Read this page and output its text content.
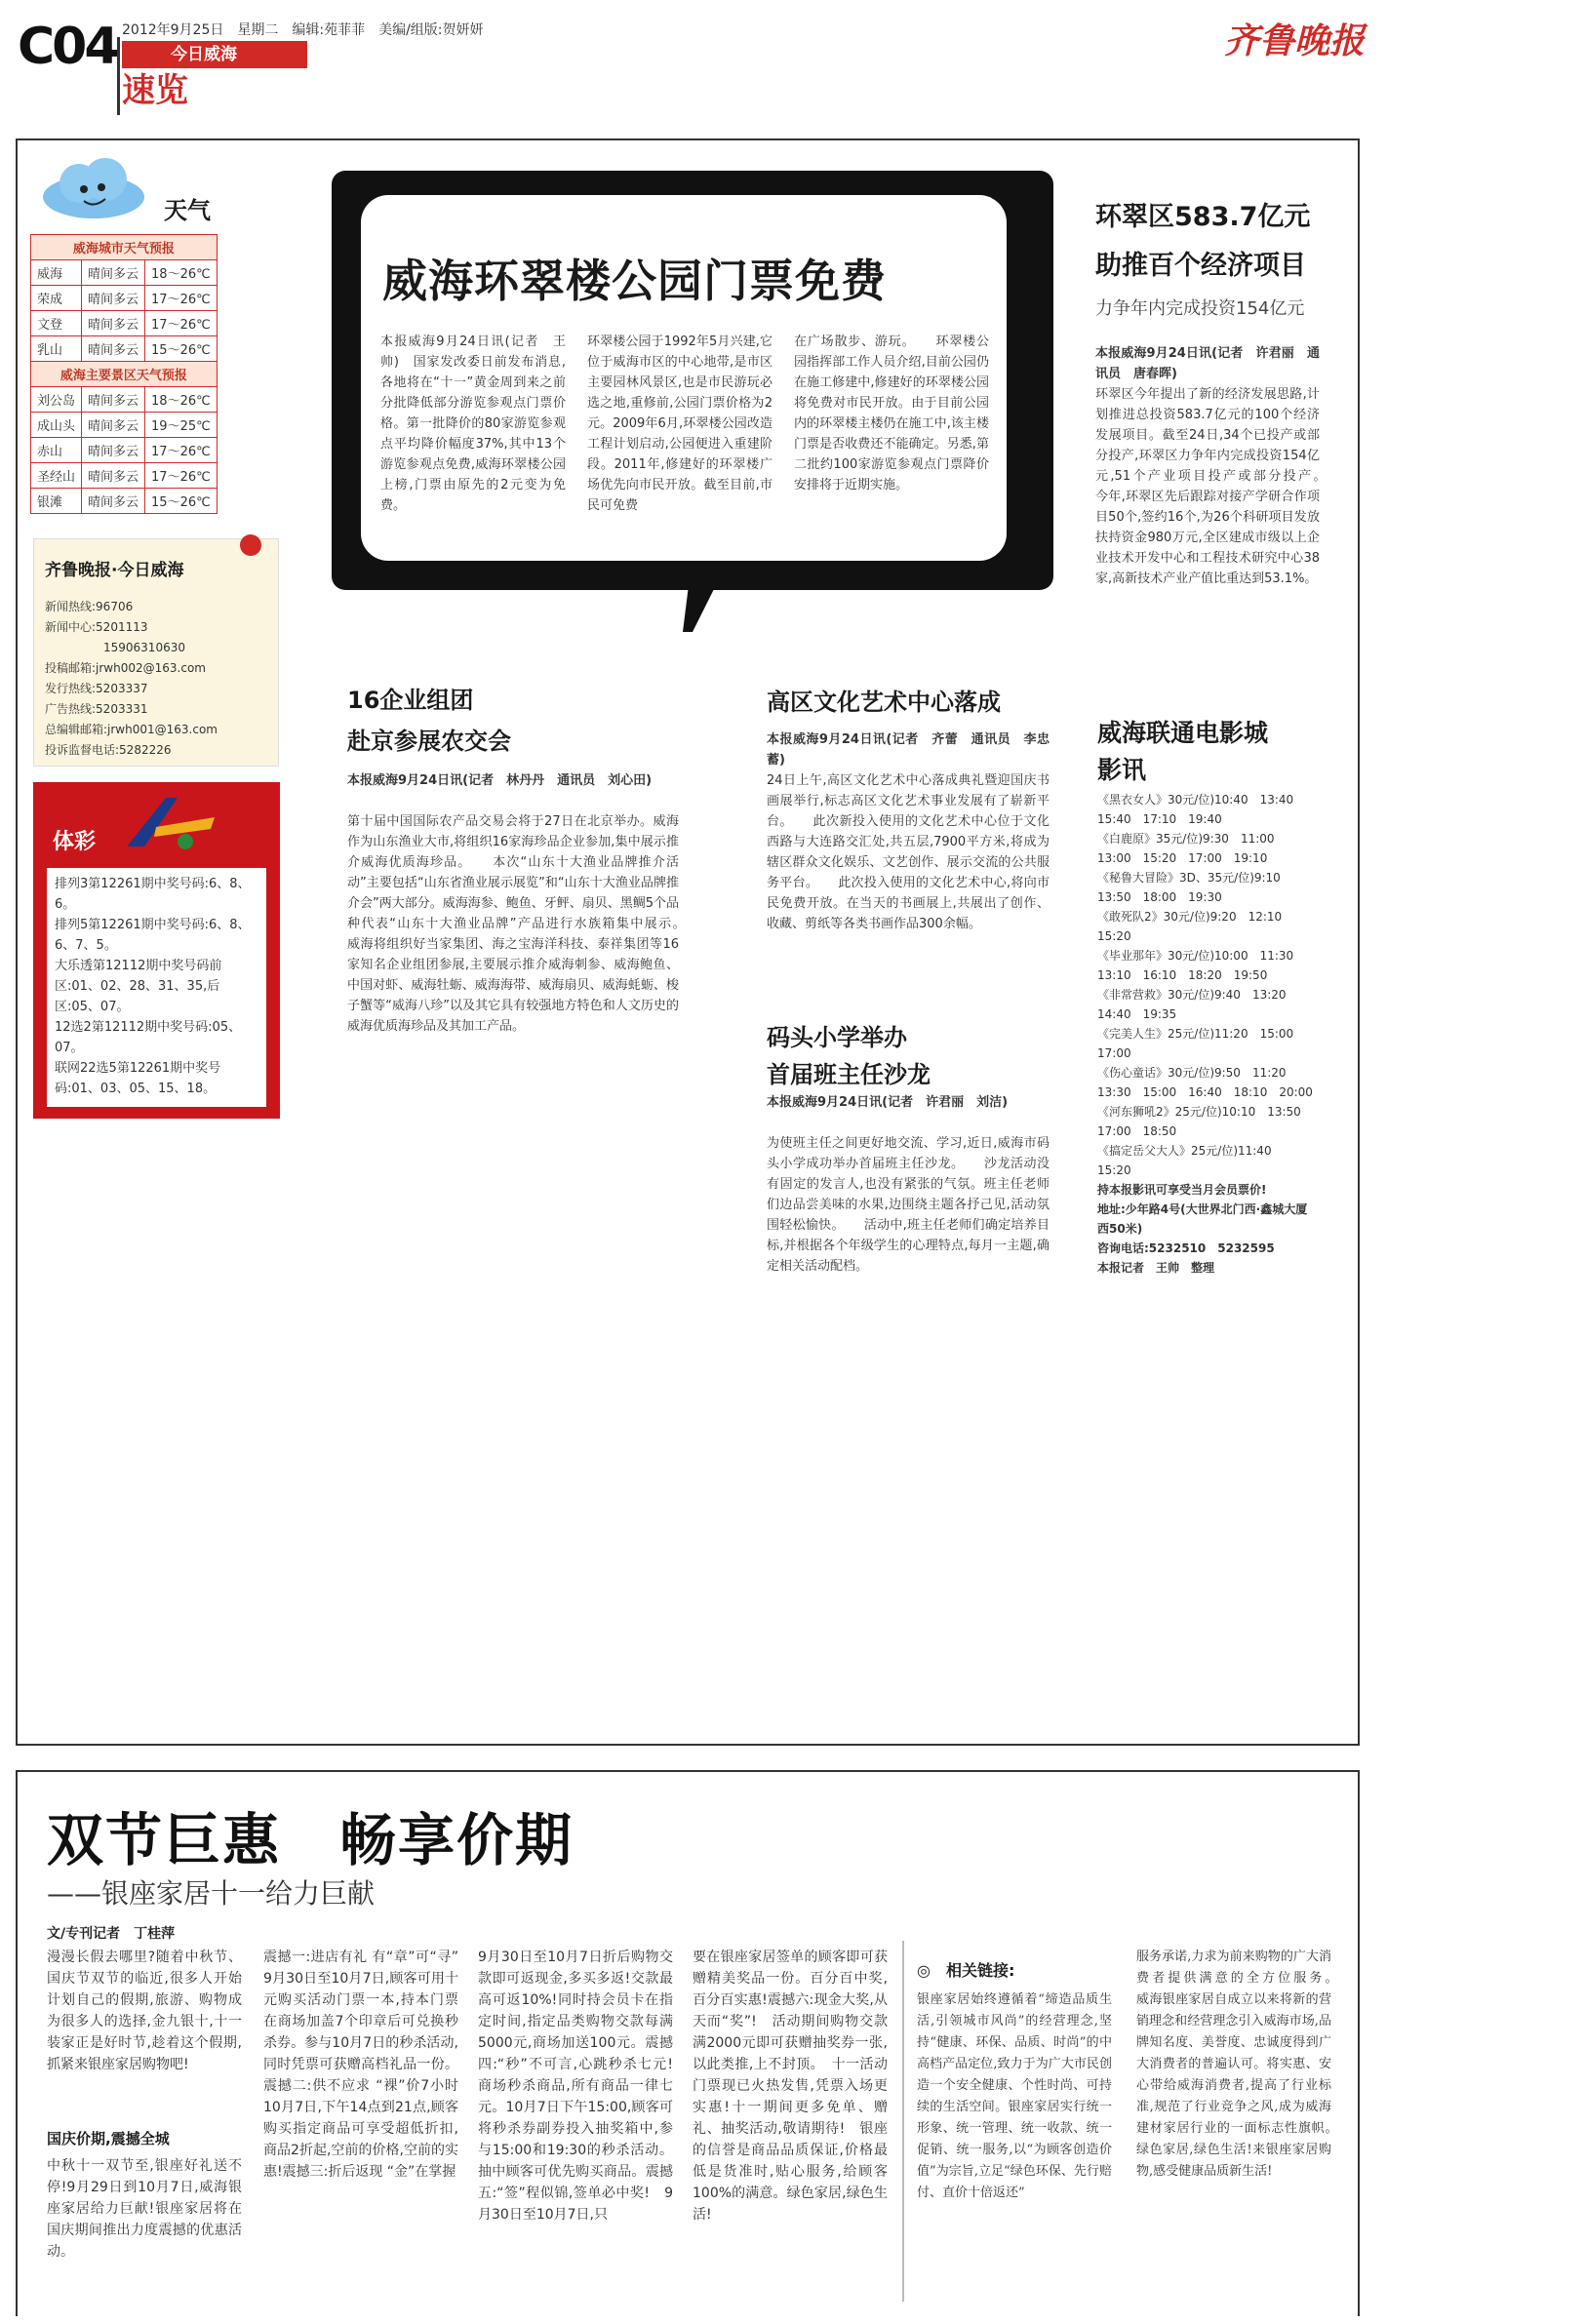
C04 2012年9月25日　星期二　编辑:苑菲菲　美编/组版:贺妍妍
今日威海
速览
齐鲁晚报
天气
威海城市天气预报		
威海	晴间多云	18～26℃
荣成	晴间多云	17～26℃
文登	晴间多云	17～26℃
乳山	晴间多云	15～26℃
威海主要景区天气预报		
刘公岛	晴间多云	18～26℃
成山头	晴间多云	19～25℃
赤山	晴间多云	17～26℃
圣经山	晴间多云	17～26℃
银滩	晴间多云	15～26℃
齐鲁晚报·今日威海
新闻热线:96706
新闻中心:5201113
　　　　　15906310630
投稿邮箱:jrwh002@163.com
发行热线:5203337
广告热线:5203331
总编辑邮箱:jrwh001@163.com
投诉监督电话:5282226
体彩
排列3第12261期中奖号码:6、8、6。
排列5第12261期中奖号码:6、8、6、7、5。
大乐透第12112期中奖号码前区:01、02、28、31、35,后区:05、07。
12选2第12112期中奖号码:05、07。
联网22选5第12261期中奖号码:01、03、05、15、18。
威海环翠楼公园门票免费
本报威海9月24日讯(记者　王帅)　国家发改委日前发布消息,各地将在“十一”黄金周到来之前分批降低部分游览参观点门票价格。第一批降价的80家游览参观点平均降价幅度37%,其中13个游览参观点免费,威海环翠楼公园上榜,门票由原先的2元变为免费。
环翠楼公园于1992年5月兴建,它位于威海市区的中心地带,是市区主要园林风景区,也是市民游玩必选之地,重修前,公园门票价格为2元。2009年6月,环翠楼公园改造工程计划启动,公园便进入重建阶段。2011年,修建好的环翠楼广场优先向市民开放。截至目前,市民可免费
在广场散步、游玩。　　环翠楼公园指挥部工作人员介绍,目前公园仍在施工修建中,修建好的环翠楼公园将免费对市民开放。由于目前公园内的环翠楼主楼仍在施工中,该主楼门票是否收费还不能确定。另悉,第二批约100家游览参观点门票降价安排将于近期实施。
环翠区583.7亿元
助推百个经济项目
力争年内完成投资154亿元
本报威海9月24日讯(记者　许君丽　通讯员　唐春晖)
环翠区今年提出了新的经济发展思路,计划推进总投资583.7亿元的100个经济发展项目。截至24日,34个已投产或部分投产,环翠区力争年内完成投资154亿元,51个产业项目投产或部分投产。　　今年,环翠区先后跟踪对接产学研合作项目50个,签约16个,为26个科研项目发放扶持资金980万元,全区建成市级以上企业技术开发中心和工程技术研究中心38家,高新技术产业产值比重达到53.1%。
16企业组团
赴京参展农交会
本报威海9月24日讯(记者　林丹丹　通讯员　刘心田)
第十届中国国际农产品交易会将于27日在北京举办。威海作为山东渔业大市,将组织16家海珍品企业参加,集中展示推介威海优质海珍品。　　本次“山东十大渔业品牌推介活动”主要包括“山东省渔业展示展览”和“山东十大渔业品牌推介会”两大部分。威海海参、鲍鱼、牙鲆、扇贝、黑鲷5个品种代表“山东十大渔业品牌”产品进行水族箱集中展示。　　威海将组织好当家集团、海之宝海洋科技、泰祥集团等16家知名企业组团参展,主要展示推介威海刺参、威海鲍鱼、中国对虾、威海牡蛎、威海海带、威海扇贝、威海蚝蛎、梭子蟹等“威海八珍”以及其它具有较强地方特色和人文历史的威海优质海珍品及其加工产品。
高区文化艺术中心落成
本报威海9月24日讯(记者　齐蕾　通讯员　李忠蓄)
24日上午,高区文化艺术中心落成典礼暨迎国庆书画展举行,标志高区文化艺术事业发展有了崭新平台。　　此次新投入使用的文化艺术中心位于文化西路与大连路交汇处,共五层,7900平方米,将成为辖区群众文化娱乐、文艺创作、展示交流的公共服务平台。　　此次投入使用的文化艺术中心,将向市民免费开放。在当天的书画展上,共展出了创作、收藏、剪纸等各类书画作品300余幅。
码头小学举办
首届班主任沙龙
本报威海9月24日讯(记者　许君丽　刘洁)
为使班主任之间更好地交流、学习,近日,威海市码头小学成功举办首届班主任沙龙。　　沙龙活动没有固定的发言人,也没有紧张的气氛。班主任老师们边品尝美味的水果,边围绕主题各抒己见,活动氛围轻松愉快。　　活动中,班主任老师们确定培养目标,并根据各个年级学生的心理特点,每月一主题,确定相关活动配档。
威海联通电影城
影讯
《黑衣女人》30元/位)10:40　13:40　15:40　17:10　19:40
《白鹿原》35元/位)9:30　11:00　13:00　15:20　17:00　19:10
《秘鲁大冒险》3D、35元/位)9:10　13:50　18:00　19:30
《敢死队2》30元/位)9:20　12:10　15:20
《毕业那年》30元/位)10:00　11:30　13:10　16:10　18:20　19:50
《非常营救》30元/位)9:40　13:20　14:40　19:35
《完美人生》25元/位)11:20　15:00　17:00
《伤心童话》30元/位)9:50　11:20　13:30　15:00　16:40　18:10　20:00
《河东狮吼2》25元/位)10:10　13:50　17:00　18:50
《搞定岳父大人》25元/位)11:40　15:20
持本报影讯可享受当月会员票价!
地址:少年路4号(大世界北门西·鑫城大厦西50米)
咨询电话:5232510　5232595
本报记者　王帅　整理
双节巨惠　畅享价期
——银座家居十一给力巨献
文/专刊记者　丁桂萍
漫漫长假去哪里?随着中秋节、国庆节双节的临近,很多人开始计划自己的假期,旅游、购物成为很多人的选择,金九银十,十一装家正是好时节,趁着这个假期,抓紧来银座家居购物吧!
国庆价期,震撼全城
中秋十一双节至,银座好礼送不停!9月29日到10月7日,威海银座家居给力巨献!银座家居将在国庆期间推出力度震撼的优惠活动。
震撼一:进店有礼 有“章”可“寻”　9月30日至10月7日,顾客可用十元购买活动门票一本,持本门票在商场加盖7个印章后可兑换秒杀券。参与10月7日的秒杀活动,同时凭票可获赠高档礼品一份。震撼二:供不应求 “裸”价7小时　10月7日,下午14点到21点,顾客购买指定商品可享受超低折扣,商品2折起,空前的价格,空前的实惠!震撼三:折后返现 “金”在掌握
9月30日至10月7日折后购物交款即可返现金,多买多返!交款最高可返10%!同时持会员卡在指定时间,指定品类购物交款每满5000元,商场加送100元。震撼四:“秒”不可言,心跳秒杀七元!　商场秒杀商品,所有商品一律七元。10月7日下午15:00,顾客可将秒杀券副券投入抽奖箱中,参与15:00和19:30的秒杀活动。抽中顾客可优先购买商品。震撼五:“签”程似锦,签单必中奖!　9月30日至10月7日,只
要在银座家居签单的顾客即可获赠精美奖品一份。百分百中奖,百分百实惠!震撼六:现金大奖,从天而“奖”!　活动期间购物交款满2000元即可获赠抽奖券一张,以此类推,上不封顶。　十一活动门票现已火热发售,凭票入场更实惠!十一期间更多免单、赠礼、抽奖活动,敬请期待!　银座的信誉是商品品质保证,价格最低是货准时,贴心服务,给顾客100%的满意。绿色家居,绿色生活!
◎　相关链接:
银座家居始终遵循着“缔造品质生活,引领城市风尚”的经营理念,坚持“健康、环保、品质、时尚”的中高档产品定位,致力于为广大市民创造一个安全健康、个性时尚、可持续的生活空间。银座家居实行统一形象、统一管理、统一收款、统一促销、统一服务,以“为顾客创造价值”为宗旨,立足“绿色环保、先行赔付、直价十倍返还”
服务承诺,力求为前来购物的广大消费者提供满意的全方位服务。　　威海银座家居自成立以来将新的营销理念和经营理念引入威海市场,品牌知名度、美誉度、忠诚度得到广大消费者的普遍认可。将实惠、安心带给威海消费者,提高了行业标准,规范了行业竞争之风,成为威海建材家居行业的一面标志性旗帜。　绿色家居,绿色生活!来银座家居购物,感受健康品质新生活!
